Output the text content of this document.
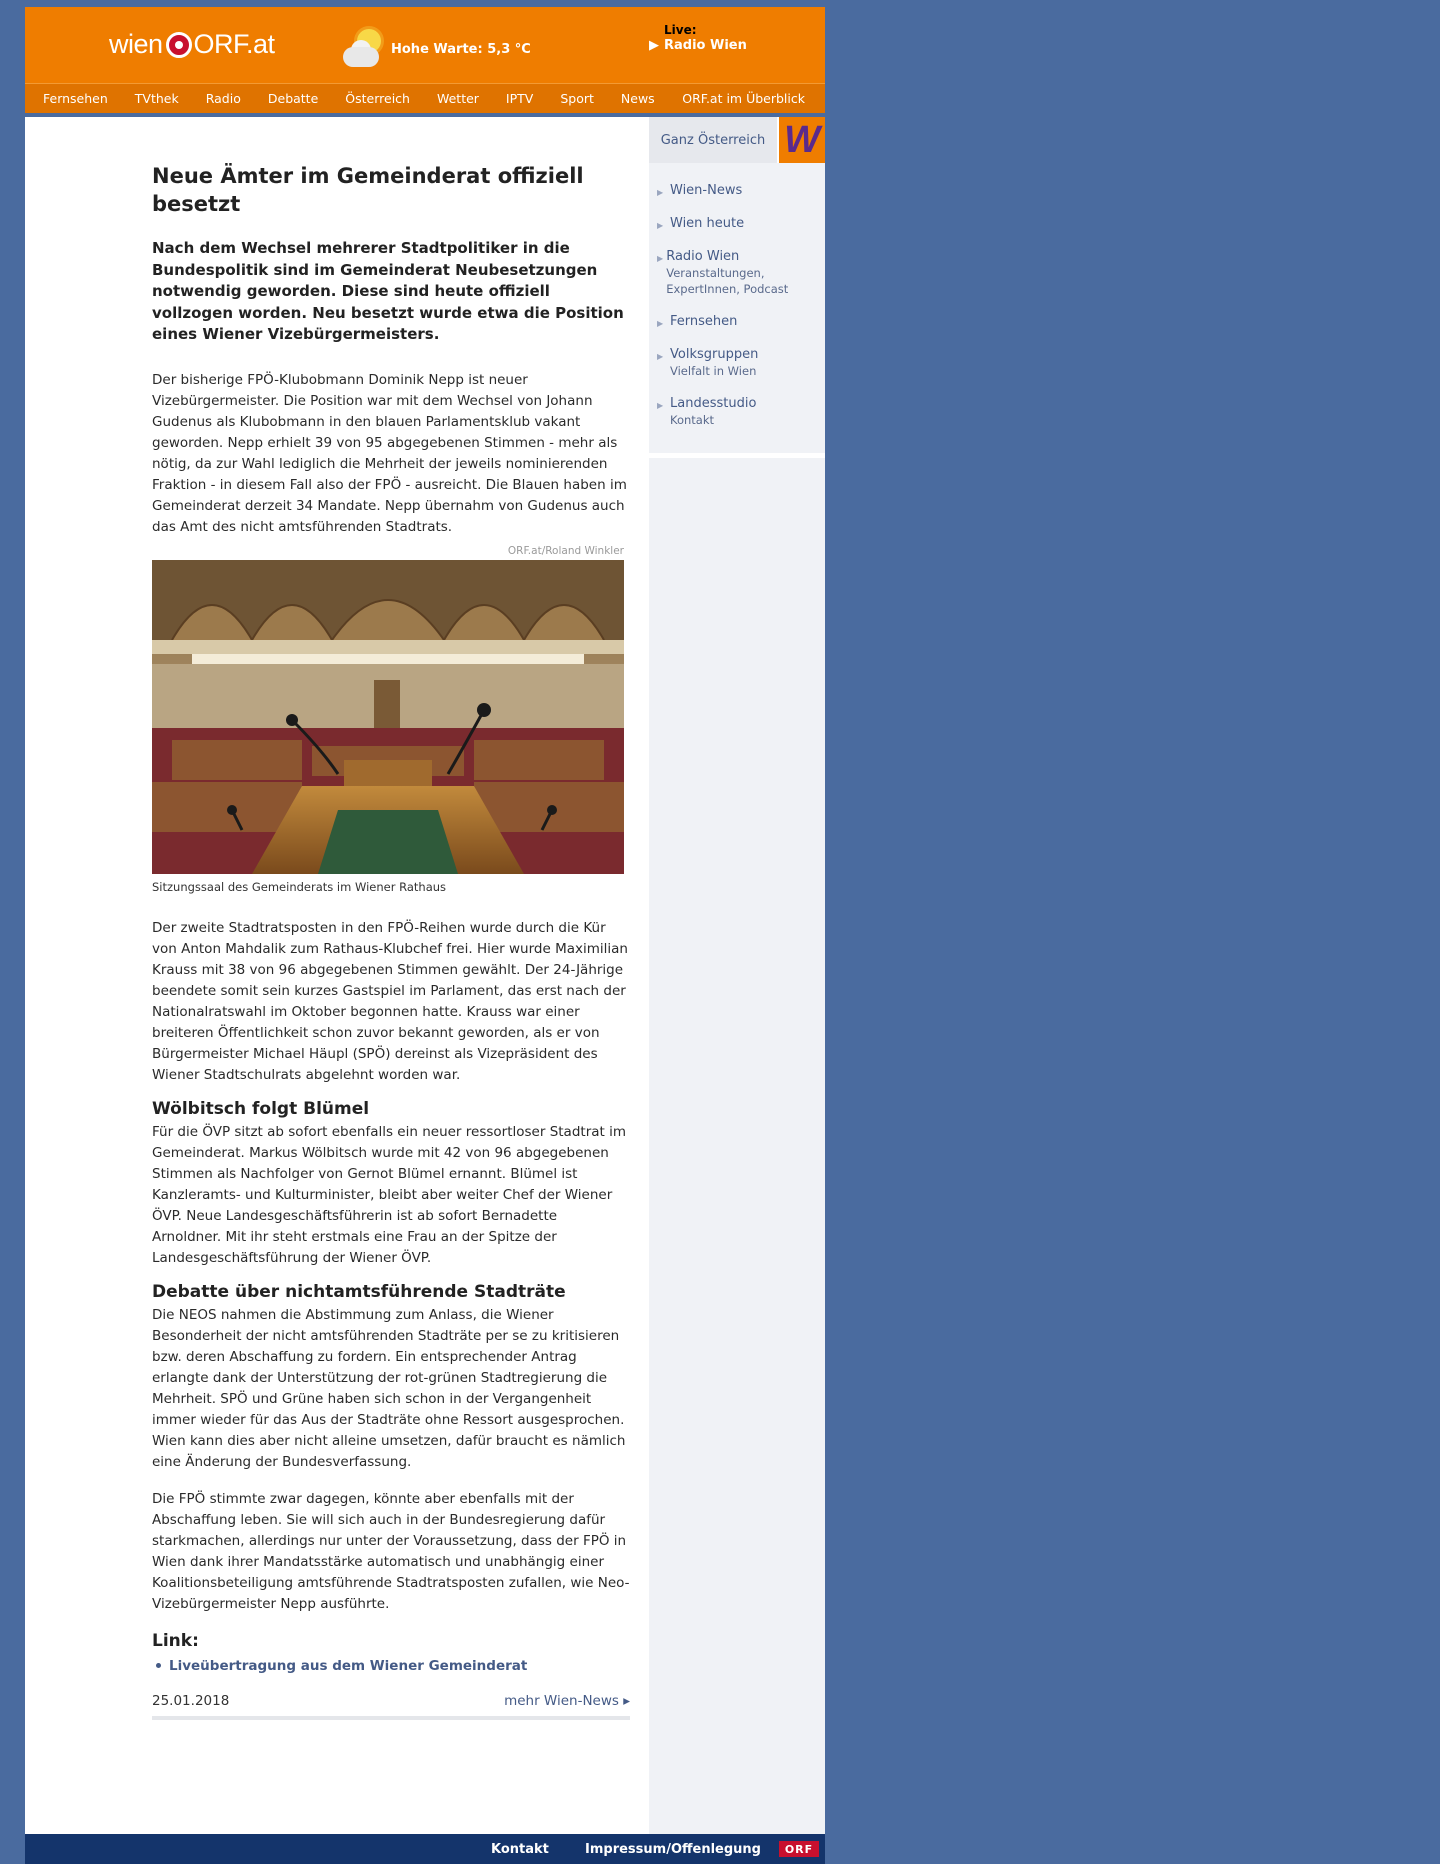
wien ORF.at	Hohe Warte: 5,3 °C
Live:
▶ Radio Wien
Fernsehen TVthek Radio Debatte Österreich Wetter IPTV Sport News ORF.at im Überblick
Ganz Österreich W
▶ Wien-News
▶ Wien heute
▶ Radio Wien
Veranstaltungen, ExpertInnen, Podcast
▶ Fernsehen
▶ Volksgruppen
Vielfalt in Wien
▶ Landesstudio
Kontakt
Neue Ämter im Gemeinderat offiziell besetzt

Nach dem Wechsel mehrerer Stadtpolitiker in die Bundespolitik sind im Gemeinderat Neubesetzungen notwendig geworden. Diese sind heute offiziell vollzogen worden. Neu besetzt wurde etwa die Position eines Wiener Vizebürgermeisters.

Der bisherige FPÖ-Klubobmann Dominik Nepp ist neuer Vizebürgermeister. Die Position war mit dem Wechsel von Johann Gudenus als Klubobmann in den blauen Parlamentsklub vakant geworden. Nepp erhielt 39 von 95 abgegebenen Stimmen - mehr als nötig, da zur Wahl lediglich die Mehrheit der jeweils nominierenden Fraktion - in diesem Fall also der FPÖ - ausreicht. Die Blauen haben im Gemeinderat derzeit 34 Mandate. Nepp übernahm von Gudenus auch das Amt des nicht amtsführenden Stadtrats.

ORF.at/Roland Winkler
Sitzungssaal des Gemeinderats im Wiener Rathaus

Der zweite Stadtratsposten in den FPÖ-Reihen wurde durch die Kür von Anton Mahdalik zum Rathaus-Klubchef frei. Hier wurde Maximilian Krauss mit 38 von 96 abgegebenen Stimmen gewählt. Der 24-Jährige beendete somit sein kurzes Gastspiel im Parlament, das erst nach der Nationalratswahl im Oktober begonnen hatte. Krauss war einer breiteren Öffentlichkeit schon zuvor bekannt geworden, als er von Bürgermeister Michael Häupl (SPÖ) dereinst als Vizepräsident des Wiener Stadtschulrats abgelehnt worden war.

Wölbitsch folgt Blümel

Für die ÖVP sitzt ab sofort ebenfalls ein neuer ressortloser Stadtrat im Gemeinderat. Markus Wölbitsch wurde mit 42 von 96 abgegebenen Stimmen als Nachfolger von Gernot Blümel ernannt. Blümel ist Kanzleramts- und Kulturminister, bleibt aber weiter Chef der Wiener ÖVP. Neue Landesgeschäftsführerin ist ab sofort Bernadette Arnoldner. Mit ihr steht erstmals eine Frau an der Spitze der Landesgeschäftsführung der Wiener ÖVP.

Debatte über nichtamtsführende Stadträte

Die NEOS nahmen die Abstimmung zum Anlass, die Wiener Besonderheit der nicht amtsführenden Stadträte per se zu kritisieren bzw. deren Abschaffung zu fordern. Ein entsprechender Antrag erlangte dank der Unterstützung der rot-grünen Stadtregierung die Mehrheit. SPÖ und Grüne haben sich schon in der Vergangenheit immer wieder für das Aus der Stadträte ohne Ressort ausgesprochen. Wien kann dies aber nicht alleine umsetzen, dafür braucht es nämlich eine Änderung der Bundesverfassung.

Die FPÖ stimmte zwar dagegen, könnte aber ebenfalls mit der Abschaffung leben. Sie will sich auch in der Bundesregierung dafür starkmachen, allerdings nur unter der Voraussetzung, dass der FPÖ in Wien dank ihrer Mandatsstärke automatisch und unabhängig einer Koalitionsbeteiligung amtsführende Stadtratsposten zufallen, wie Neo-Vizebürgermeister Nepp ausführte.

Link:
Liveübertragung aus dem Wiener Gemeinderat
25.01.2018	mehr Wien-News ▸
Kontakt	Impressum/Offenlegung	ORF
